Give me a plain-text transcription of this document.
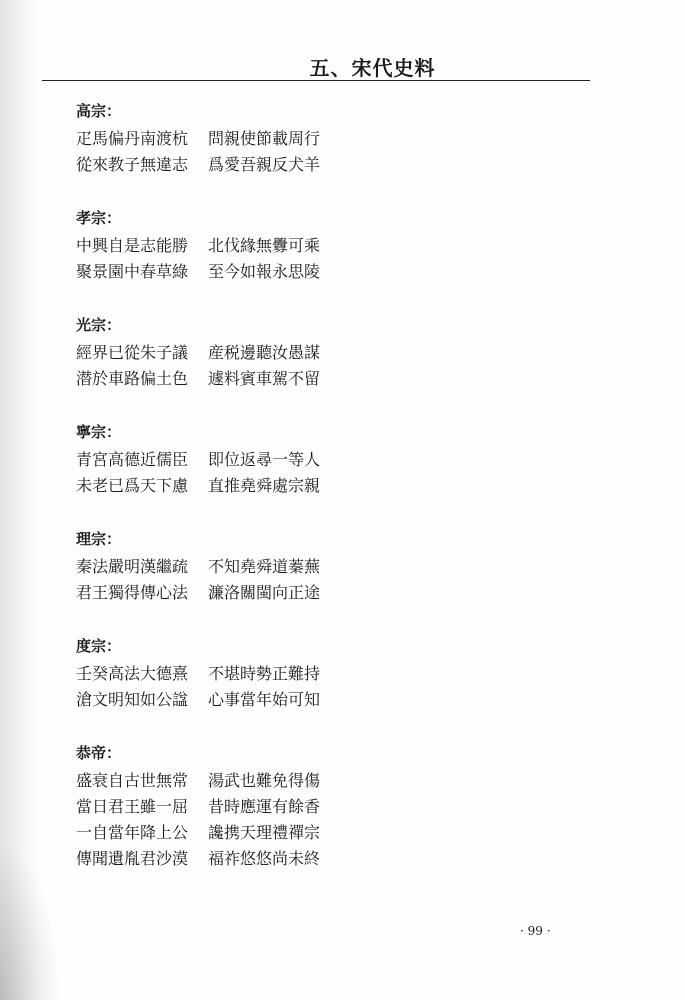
五、宋代史料
高宗：
疋馬偏丹南渡杭 問親使節載周行
從來教子無違志 爲愛吾親反犬羊
孝宗：
中興自是志能勝 北伐緣無釁可乘
聚景園中春草綠 至今如報永思陵
光宗：
經界已從朱子議 産税邊聽汝愚謀
潜於車路偏土色 遽料賓車駕不留
寧宗：
青宮高德近儒臣 即位返尋一等人
未老已爲天下慮 直推堯舜處宗親
理宗：
秦法嚴明漢繼疏 不知堯舜道蓁蕪
君王獨得傳心法 濂洛關閩向正途
度宗：
壬癸高法大德熹 不堪時勢正難持
滄文明知如公諡 心事當年始可知
恭帝：
盛衰自古世無常 湯武也難免得傷
當日君王雖一屈 昔時應運有餘香
一自當年降上公 讒携天理禮禪宗
傳聞遺胤君沙漠 福祚悠悠尚未終
· 99 ·
